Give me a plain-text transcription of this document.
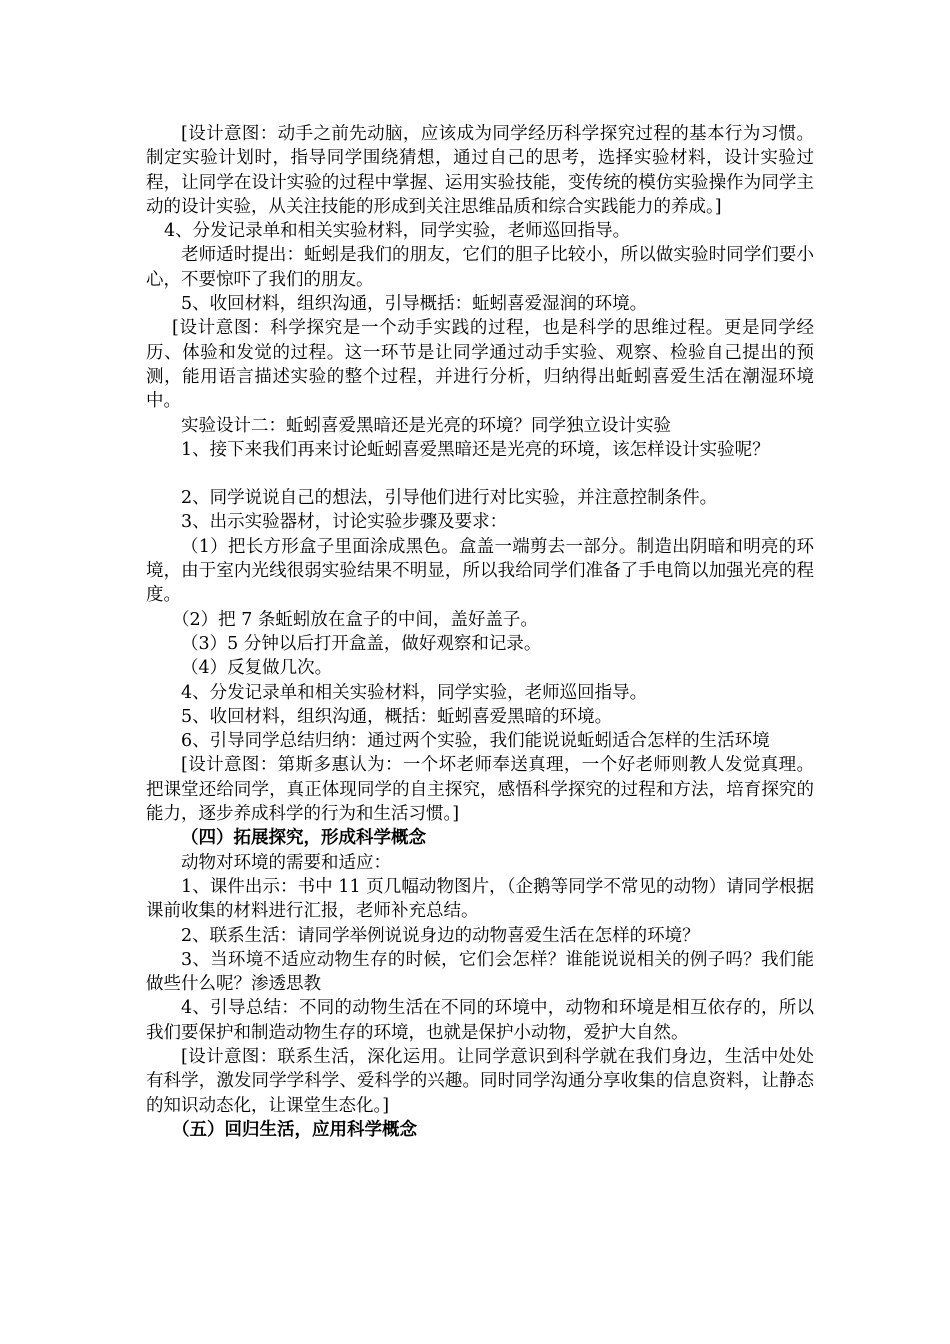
[设计意图：动手之前先动脑，应该成为同学经历科学探究过程的基本行为习惯。制定实验计划时，指导同学围绕猜想，通过自己的思考，选择实验材料，设计实验过程，让同学在设计实验的过程中掌握、运用实验技能，变传统的模仿实验操作为同学主动的设计实验，从关注技能的形成到关注思维品质和综合实践能力的养成。]

4、分发记录单和相关实验材料，同学实验，老师巡回指导。

老师适时提出：蚯蚓是我们的朋友，它们的胆子比较小，所以做实验时同学们要小心，不要惊吓了我们的朋友。

5、收回材料，组织沟通，引导概括：蚯蚓喜爱湿润的环境。

[设计意图：科学探究是一个动手实践的过程，也是科学的思维过程。更是同学经历、体验和发觉的过程。这一环节是让同学通过动手实验、观察、检验自己提出的预测，能用语言描述实验的整个过程，并进行分析，归纳得出蚯蚓喜爱生活在潮湿环境中。

实验设计二：蚯蚓喜爱黑暗还是光亮的环境？同学独立设计实验

1、接下来我们再来讨论蚯蚓喜爱黑暗还是光亮的环境，该怎样设计实验呢？

2、同学说说自己的想法，引导他们进行对比实验，并注意控制条件。

3、出示实验器材，讨论实验步骤及要求：

（1）把长方形盒子里面涂成黑色。盒盖一端剪去一部分。制造出阴暗和明亮的环境，由于室内光线很弱实验结果不明显，所以我给同学们准备了手电筒以加强光亮的程度。

（2）把 7 条蚯蚓放在盒子的中间，盖好盖子。

（3）5 分钟以后打开盒盖，做好观察和记录。

（4）反复做几次。

4、分发记录单和相关实验材料，同学实验，老师巡回指导。

5、收回材料，组织沟通，概括：蚯蚓喜爱黑暗的环境。

6、引导同学总结归纳：通过两个实验，我们能说说蚯蚓适合怎样的生活环境

[设计意图：第斯多惠认为：一个坏老师奉送真理，一个好老师则教人发觉真理。把课堂还给同学，真正体现同学的自主探究，感悟科学探究的过程和方法，培育探究的能力，逐步养成科学的行为和生活习惯。]

（四）拓展探究，形成科学概念

动物对环境的需要和适应：

1、课件出示：书中 11 页几幅动物图片，（企鹅等同学不常见的动物）请同学根据课前收集的材料进行汇报，老师补充总结。

2、联系生活：请同学举例说说身边的动物喜爱生活在怎样的环境？

3、当环境不适应动物生存的时候，它们会怎样？谁能说说相关的例子吗？我们能做些什么呢？渗透思教

4、引导总结：不同的动物生活在不同的环境中，动物和环境是相互依存的，所以我们要保护和制造动物生存的环境，也就是保护小动物，爱护大自然。

[设计意图：联系生活，深化运用。让同学意识到科学就在我们身边，生活中处处有科学，激发同学学科学、爱科学的兴趣。同时同学沟通分享收集的信息资料，让静态的知识动态化，让课堂生态化。]

（五）回归生活，应用科学概念
